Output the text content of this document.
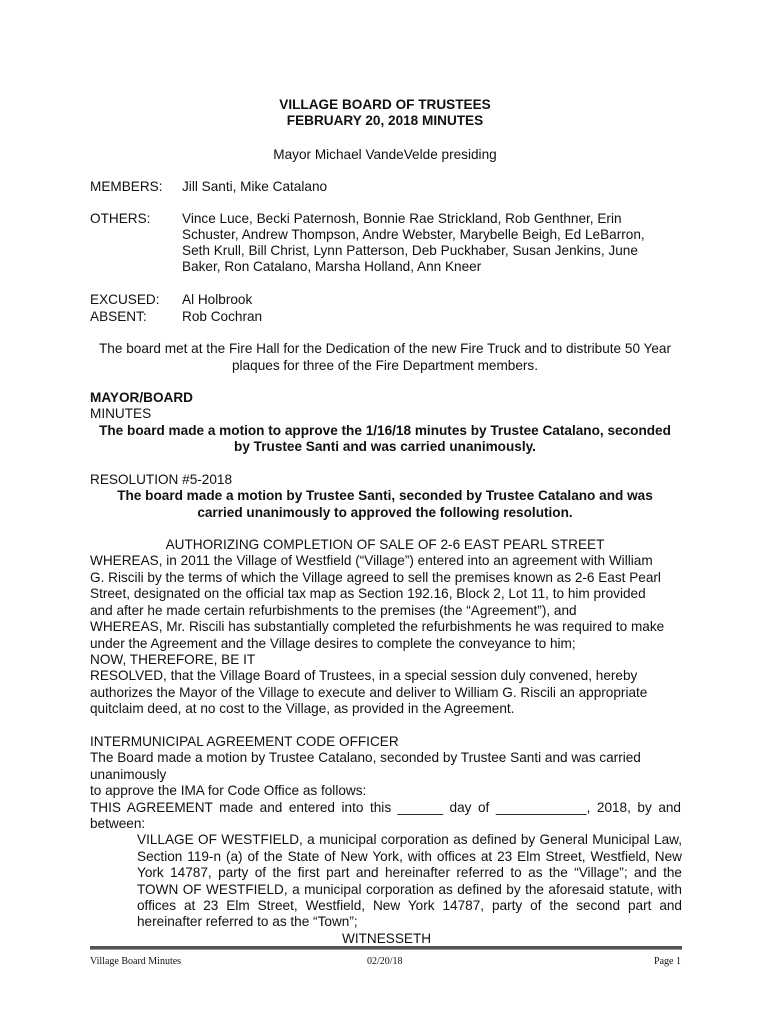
VILLAGE BOARD OF TRUSTEES
FEBRUARY 20, 2018 MINUTES
Mayor Michael VandeVelde presiding
MEMBERS: Jill Santi, Mike Catalano
OTHERS: Vince Luce, Becki Paternosh, Bonnie Rae Strickland, Rob Genthner, Erin
Schuster, Andrew Thompson, Andre Webster, Marybelle Beigh, Ed LeBarron,
Seth Krull, Bill Christ, Lynn Patterson, Deb Puckhaber, Susan Jenkins, June
Baker, Ron Catalano, Marsha Holland, Ann Kneer
EXCUSED: Al Holbrook
ABSENT:	Rob Cochran
The board met at the Fire Hall for the Dedication of the new Fire Truck and to distribute 50 Year
plaques for three of the Fire Department members.
MAYOR/BOARD
MINUTES
The board made a motion to approve the 1/16/18 minutes by Trustee Catalano, seconded
by Trustee Santi and was carried unanimously.
RESOLUTION #5-2018
The board made a motion by Trustee Santi, seconded by Trustee Catalano and was
carried unanimously to approved the following resolution.
AUTHORIZING COMPLETION OF SALE OF 2-6 EAST PEARL STREET
WHEREAS, in 2011 the Village of Westfield (“Village”) entered into an agreement with William
G. Riscili by the terms of which the Village agreed to sell the premises known as 2-6 East Pearl
Street, designated on the official tax map as Section 192.16, Block 2, Lot 11, to him provided
and after he made certain refurbishments to the premises (the “Agreement”), and
WHEREAS, Mr. Riscili has substantially completed the refurbishments he was required to make
under the Agreement and the Village desires to complete the conveyance to him;
NOW, THEREFORE, BE IT
RESOLVED, that the Village Board of Trustees, in a special session duly convened, hereby
authorizes the Mayor of the Village to execute and deliver to William G. Riscili an appropriate
quitclaim deed, at no cost to the Village, as provided in the Agreement.
INTERMUNICIPAL AGREEMENT CODE OFFICER
The Board made a motion by Trustee Catalano, seconded by Trustee Santi and was carried
unanimously
to approve the IMA for Code Office as follows:
THIS AGREEMENT made and entered into this ______ day of ____________, 2018, by and
between:
VILLAGE OF WESTFIELD, a municipal corporation as defined by General Municipal Law,
Section 119-n (a) of the State of New York, with offices at 23 Elm Street, Westfield, New
York 14787, party of the first part and hereinafter referred to as the “Village”; and the
TOWN OF WESTFIELD, a municipal corporation as defined by the aforesaid statute, with
offices at 23 Elm Street, Westfield, New York 14787, party of the second part and
hereinafter referred to as the “Town”;
WITNESSETH
Village Board Minutes	02/20/18	Page 1
